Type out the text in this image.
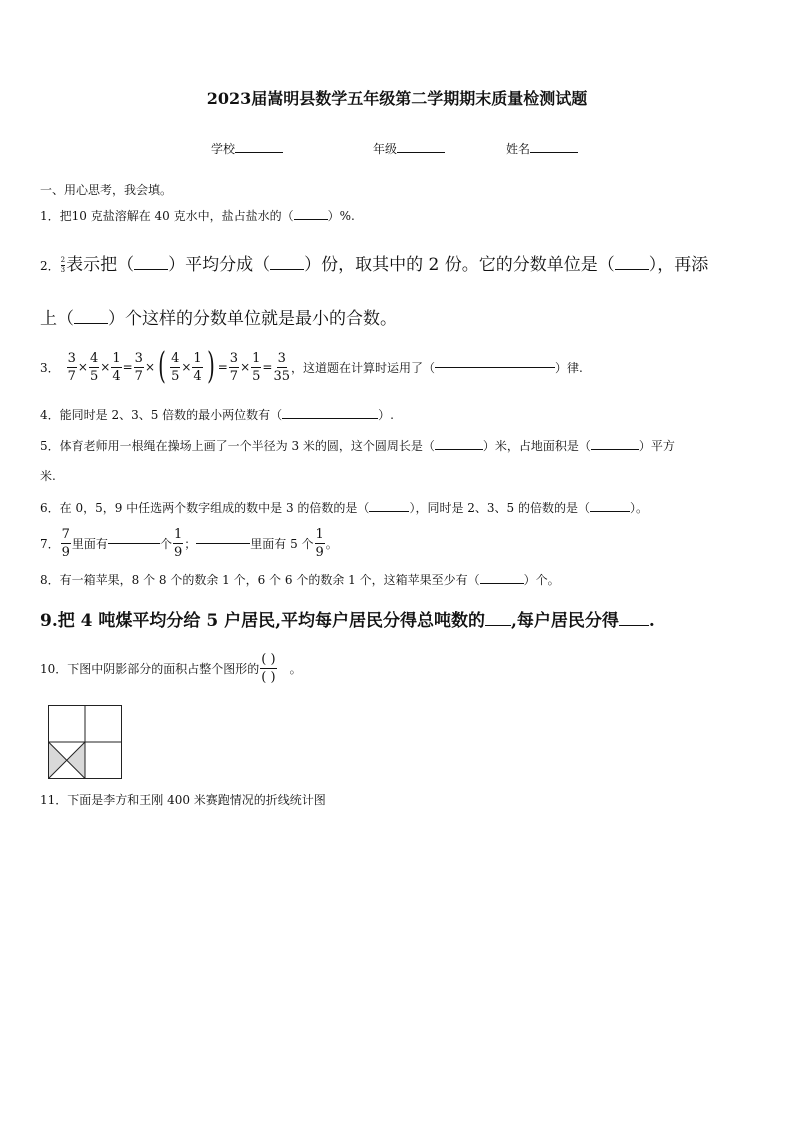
2023届嵩明县数学五年级第二学期期末质量检测试题
学校	年级	姓名
一、用心思考，我会填。
1．把10 克盐溶解在 40 克水中，盐占盐水的（	）%.
2． $\frac{2}{3}$ 表示把（ ）平均分成（ ）份，取其中的 2 份。它的分数单位是（ ），再添
上（ ）个这样的分数单位就是最小的合数。
3． $\frac{3}{7} \times \frac{4}{5} \times \frac{1}{4} = \frac{3}{7}$ × ( $\frac{4}{5} \times \frac{1}{4}$ ) = $\frac{3}{7} \times \frac{1}{5} = \frac{3}{35}$ ，这道题在计算时运用了（	）律.
4．能同时是 2、3、5 倍数的最小两位数有（	）.
5．体育老师用一根绳在操场上画了一个半径为 3 米的圆，这个圆周长是（	）米，占地面积是（	）平方
米.
6．在 0，5，9 中任选两个数字组成的数中是 3 的倍数的是（	），同时是 2、3、5 的倍数的是（	）。
7． $\frac{7}{9}$ 里面有	个 $\frac{1}{9}$ ；	里面有 5 个 $\frac{1}{9}$ 。
8．有一箱苹果，8 个 8 个的数余 1 个，6 个 6 个的数余 1 个，这箱苹果至少有（	）个。
9.把 4 吨煤平均分给 5 户居民,平均每户居民分得总吨数的 ,每户居民分得 .
10．下图中阴影部分的面积占整个图形的 $\frac{( )}{( )}$ 。
11．下面是李方和王刚 400 米赛跑情况的折线统计图
